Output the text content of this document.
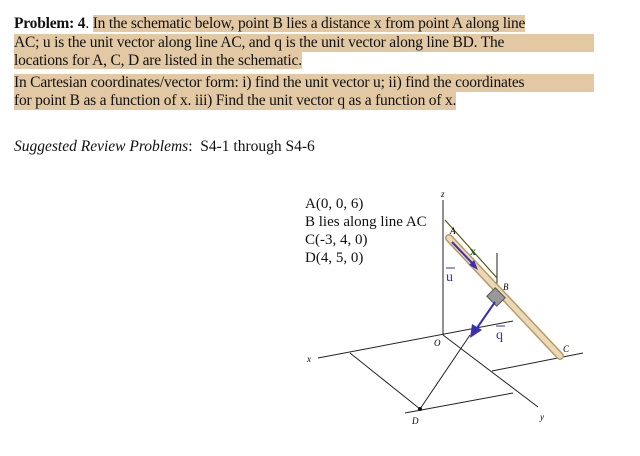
Problem: 4. In the schematic below, point B lies a distance x from point A along line
AC; u is the unit vector along line AC, and q is the unit vector along line BD. The
locations for A, C, D are listed in the schematic.
In Cartesian coordinates/vector form: i) find the unit vector u; ii) find the coordinates
for point B as a function of x. iii) Find the unit vector q as a function of x.
Suggested Review Problems:  S4-1 through S4-6
A(0, 0, 6)
B lies along line AC
C(-3, 4, 0)
D(4, 5, 0)
z
x
y
O
A
B
C
D
x
u
q
